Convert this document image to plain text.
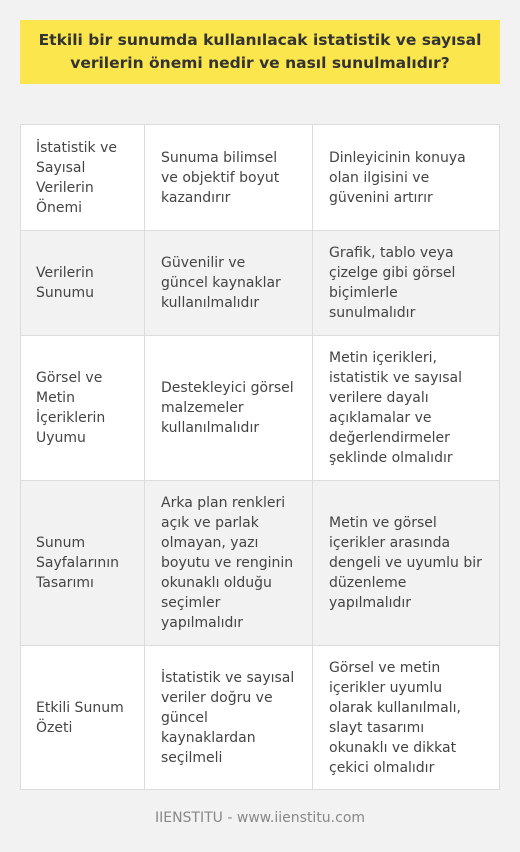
Etkili bir sunumda kullanılacak istatistik ve sayısal
verilerin önemi nedir ve nasıl sunulmalıdır?
İstatistik ve Sayısal Verilerin Önemi
Sunuma bilimsel ve objektif boyut kazandırır
Dinleyicinin konuya olan ilgisini ve güvenini artırır
Verilerin Sunumu
Güvenilir ve güncel kaynaklar kullanılmalıdır
Grafik, tablo veya çizelge gibi görsel biçimlerle sunulmalıdır
Görsel ve Metin İçeriklerin Uyumu
Destekleyici görsel malzemeler kullanılmalıdır
Metin içerikleri, istatistik ve sayısal verilere dayalı açıklamalar ve değerlendirmeler şeklinde olmalıdır
Sunum Sayfalarının Tasarımı
Arka plan renkleri açık ve parlak olmayan, yazı boyutu ve renginin okunaklı olduğu seçimler yapılmalıdır
Metin ve görsel içerikler arasında dengeli ve uyumlu bir düzenleme yapılmalıdır
Etkili Sunum Özeti
İstatistik ve sayısal veriler doğru ve güncel kaynaklardan seçilmeli
Görsel ve metin içerikler uyumlu olarak kullanılmalı, slayt tasarımı okunaklı ve dikkat çekici olmalıdır
IIENSTITU - www.iienstitu.com
